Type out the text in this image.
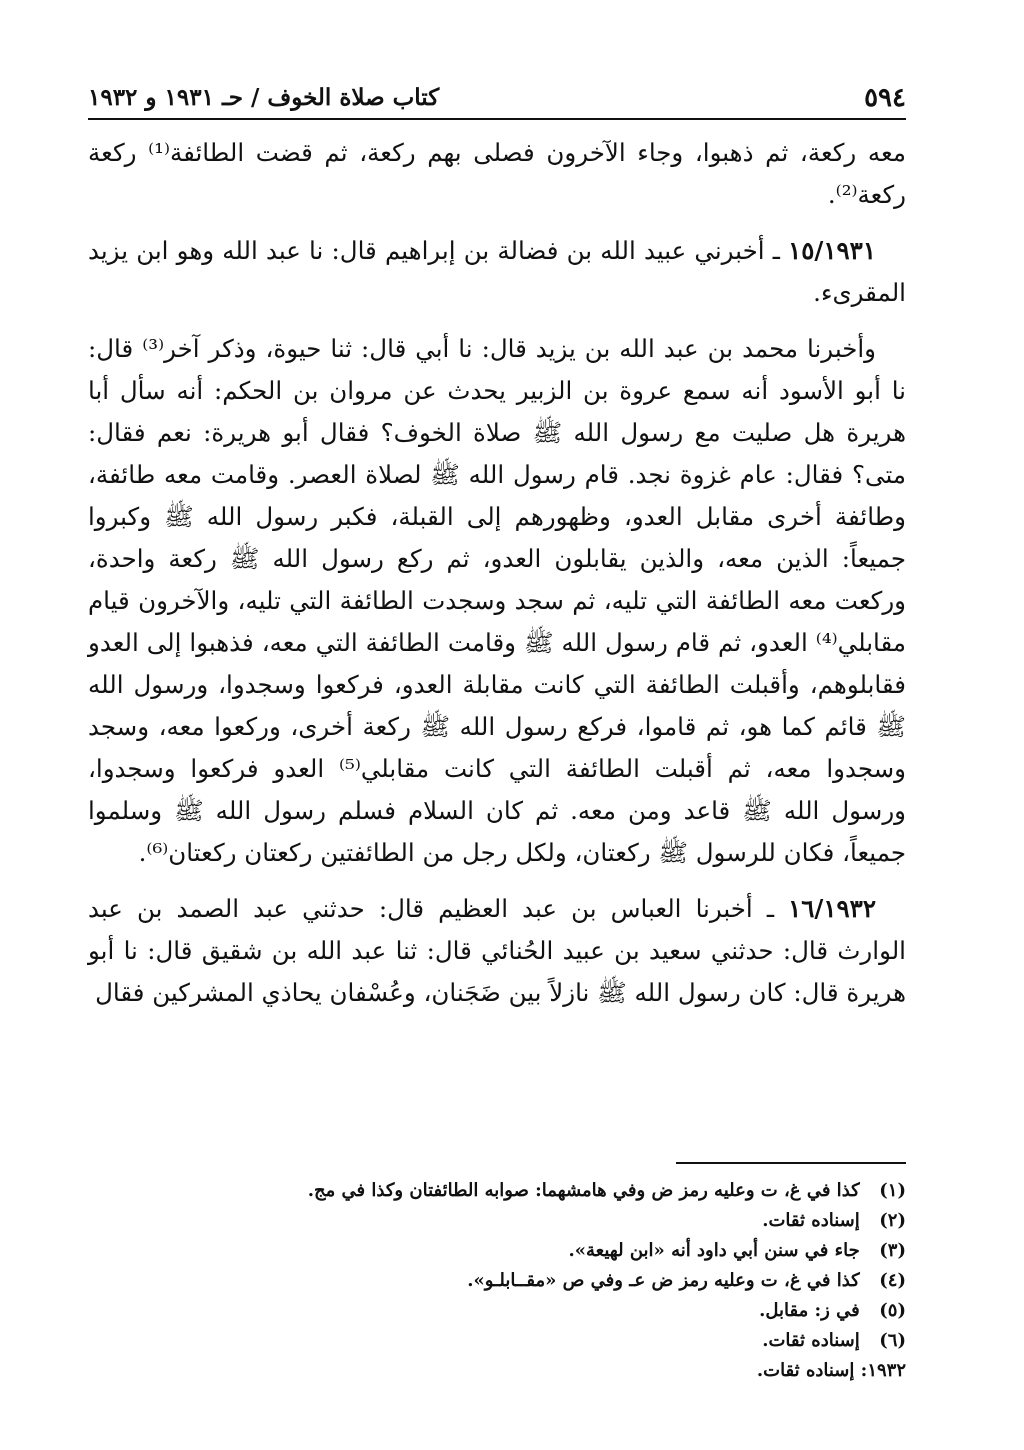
٥٩٤
كتاب صلاة الخوف / حـ ١٩٣١ و ١٩٣٢

معه ركعة، ثم ذهبوا، وجاء الآخرون فصلى بهم ركعة، ثم قضت الطائفة⁽¹⁾ ركعة ركعة⁽²⁾.

١٥/١٩٣١ ـ أخبرني عبيد الله بن فضالة بن إبراهيم قال: نا عبد الله وهو ابن يزيد المقرىء.

وأخبرنا محمد بن عبد الله بن يزيد قال: نا أبي قال: ثنا حيوة، وذكر آخر⁽³⁾ قال: نا أبو الأسود أنه سمع عروة بن الزبير يحدث عن مروان بن الحكم: أنه سأل أبا هريرة هل صليت مع رسول الله ﷺ صلاة الخوف؟ فقال أبو هريرة: نعم فقال: متى؟ فقال: عام غزوة نجد. قام رسول الله ﷺ لصلاة العصر. وقامت معه طائفة، وطائفة أخرى مقابل العدو، وظهورهم إلى القبلة، فكبر رسول الله ﷺ وكبروا جميعاً: الذين معه، والذين يقابلون العدو، ثم ركع رسول الله ﷺ ركعة واحدة، وركعت معه الطائفة التي تليه، ثم سجد وسجدت الطائفة التي تليه، والآخرون قيام مقابلي⁽⁴⁾ العدو، ثم قام رسول الله ﷺ وقامت الطائفة التي معه، فذهبوا إلى العدو فقابلوهم، وأقبلت الطائفة التي كانت مقابلة العدو، فركعوا وسجدوا، ورسول الله ﷺ قائم كما هو، ثم قاموا، فركع رسول الله ﷺ ركعة أخرى، وركعوا معه، وسجد وسجدوا معه، ثم أقبلت الطائفة التي كانت مقابلي⁽⁵⁾ العدو فركعوا وسجدوا، ورسول الله ﷺ قاعد ومن معه. ثم كان السلام فسلم رسول الله ﷺ وسلموا جميعاً، فكان للرسول ﷺ ركعتان، ولكل رجل من الطائفتين ركعتان ركعتان⁽⁶⁾.

١٦/١٩٣٢ ـ أخبرنا العباس بن عبد العظيم قال: حدثني عبد الصمد بن عبد الوارث قال: حدثني سعيد بن عبيد الحُنائي قال: ثنا عبد الله بن شقيق قال: نا أبو هريرة قال: كان رسول الله ﷺ نازلاً بين ضَجَنان، وعُسْفان يحاذي المشركين فقال

(١) كذا في غ، ت وعليه رمز ض وفي هامشهما: صوابه الطائفتان وكذا في مج.
(٢) إسناده ثقات.
(٣) جاء في سنن أبي داود أنه «ابن لهيعة».
(٤) كذا في غ، ت وعليه رمز ض عـ وفي ص «مقــابلـو».
(٥) في ز: مقابل.
(٦) إسناده ثقات.
١٩٣٢: إسناده ثقات.
